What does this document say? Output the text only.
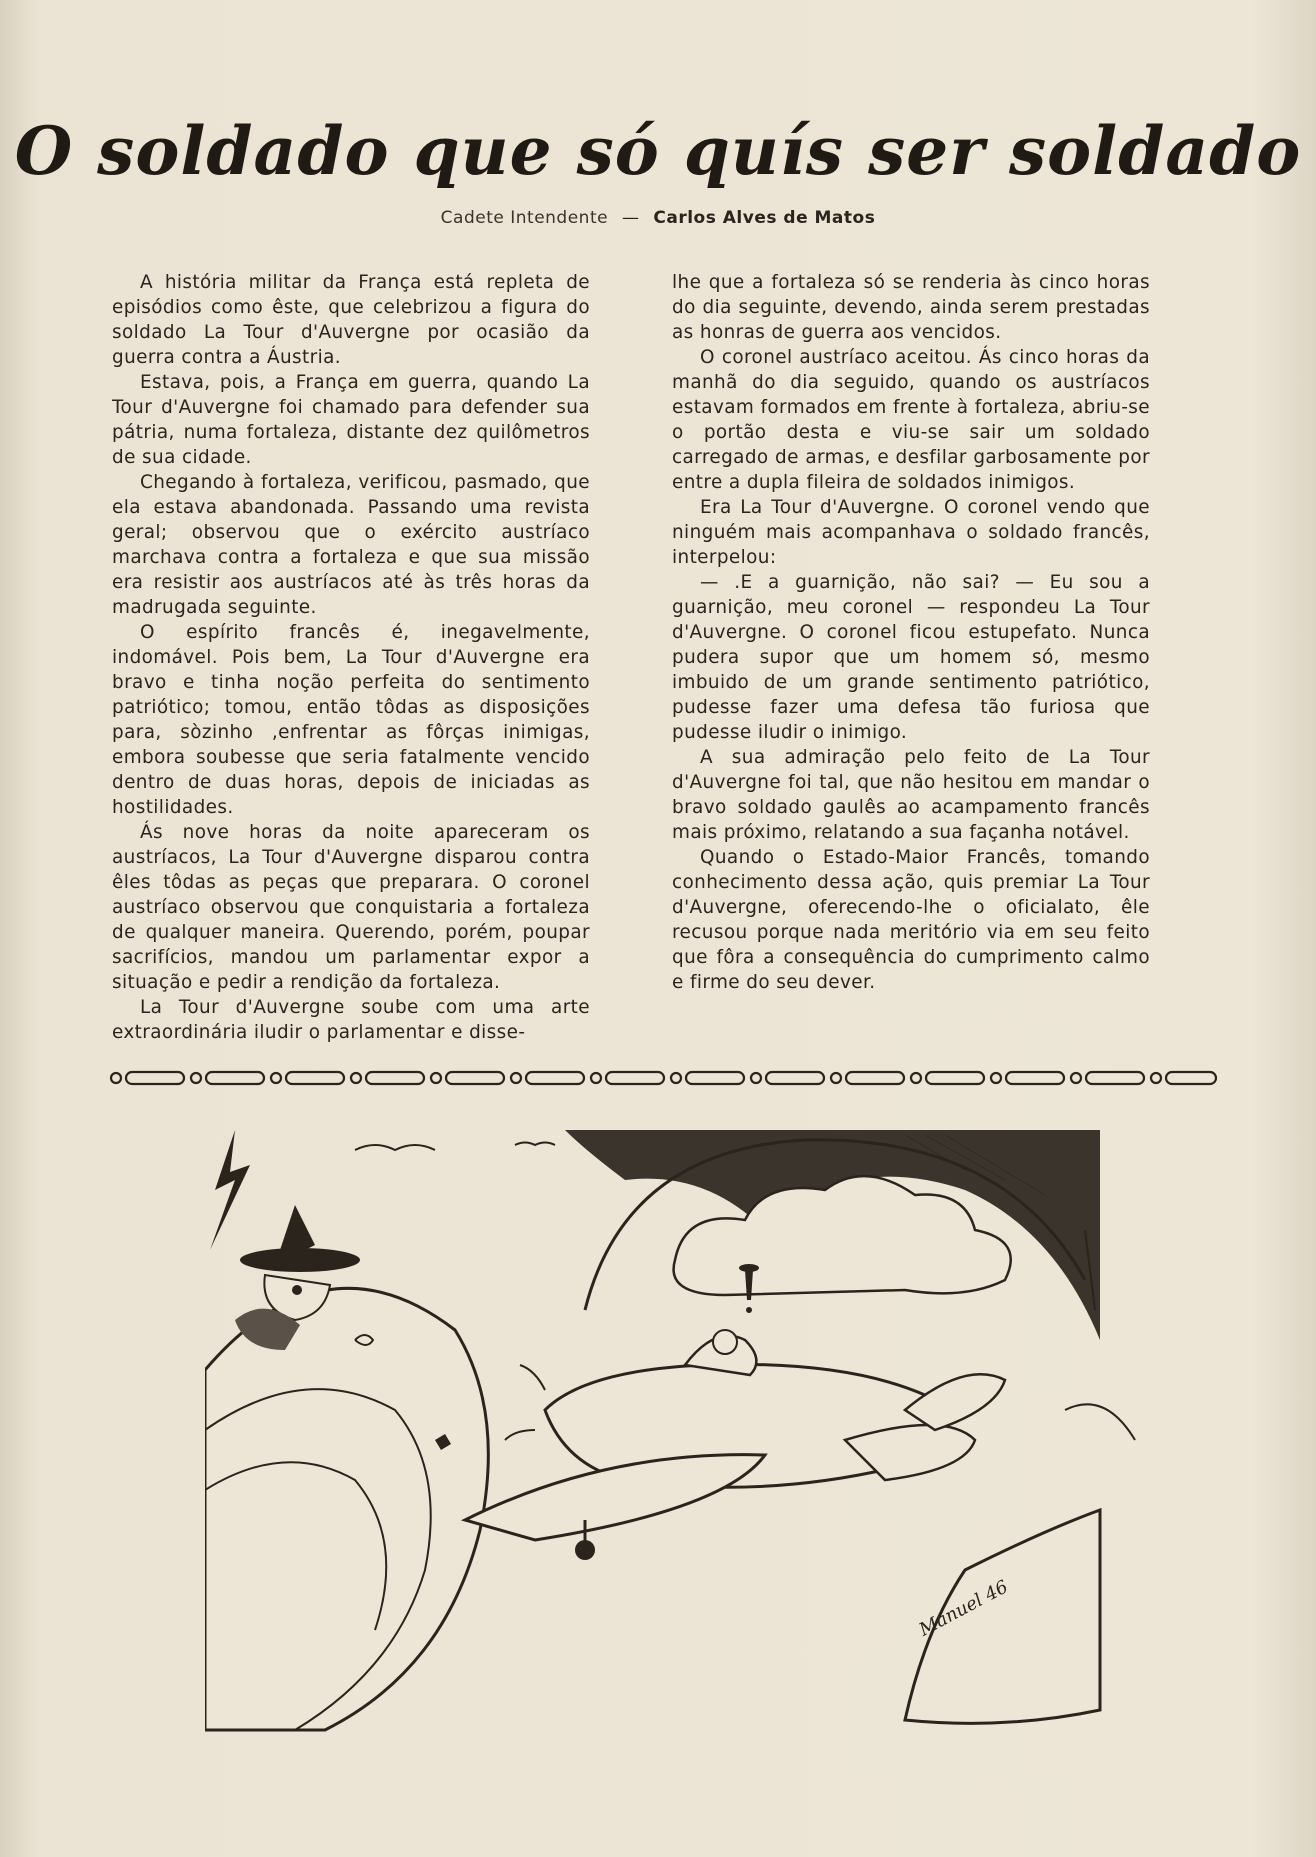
O soldado que só quís ser soldado
Cadete Intendente — Carlos Alves de Matos

A história militar da França está repleta de episódios como êste, que celebrizou a figura do soldado La Tour d'Auvergne por ocasião da guerra contra a Áustria.

Estava, pois, a França em guerra, quando La Tour d'Auvergne foi chamado para defender sua pátria, numa fortaleza, distante dez quilômetros de sua cidade.

Chegando à fortaleza, verificou, pasmado, que ela estava abandonada. Passando uma revista geral; observou que o exército austríaco marchava contra a fortaleza e que sua missão era resistir aos austríacos até às três horas da madrugada seguinte.

O espírito francês é, inegavelmente, indomável. Pois bem, La Tour d'Auvergne era bravo e tinha noção perfeita do sentimento patriótico; tomou, então tôdas as disposições para, sòzinho ,enfrentar as fôrças inimigas, embora soubesse que seria fatalmente vencido dentro de duas horas, depois de iniciadas as hostilidades.

Ás nove horas da noite apareceram os austríacos, La Tour d'Auvergne disparou contra êles tôdas as peças que preparara. O coronel austríaco observou que conquistaria a fortaleza de qualquer maneira. Querendo, porém, poupar sacrifícios, mandou um parlamentar expor a situação e pedir a rendição da fortaleza.

La Tour d'Auvergne soube com uma arte extraordinária iludir o parlamentar e disse-

lhe que a fortaleza só se renderia às cinco horas do dia seguinte, devendo, ainda serem prestadas as honras de guerra aos vencidos.

O coronel austríaco aceitou. Ás cinco horas da manhã do dia seguido, quando os austríacos estavam formados em frente à fortaleza, abriu-se o portão desta e viu-se sair um soldado carregado de armas, e desfilar garbosamente por entre a dupla fileira de soldados inimigos.

Era La Tour d'Auvergne. O coronel vendo que ninguém mais acompanhava o soldado francês, interpelou:

— .E a guarnição, não sai? — Eu sou a guarnição, meu coronel — respondeu La Tour d'Auvergne. O coronel ficou estupefato. Nunca pudera supor que um homem só, mesmo imbuido de um grande sentimento patriótico, pudesse fazer uma defesa tão furiosa que pudesse iludir o inimigo.

A sua admiração pelo feito de La Tour d'Auvergne foi tal, que não hesitou em mandar o bravo soldado gaulês ao acampamento francês mais próximo, relatando a sua façanha notável.

Quando o Estado-Maior Francês, tomando conhecimento dessa ação, quis premiar La Tour d'Auvergne, oferecendo-lhe o oficialato, êle recusou porque nada meritório via em seu feito que fôra a consequência do cumprimento calmo e firme do seu dever.

Manuel 46
